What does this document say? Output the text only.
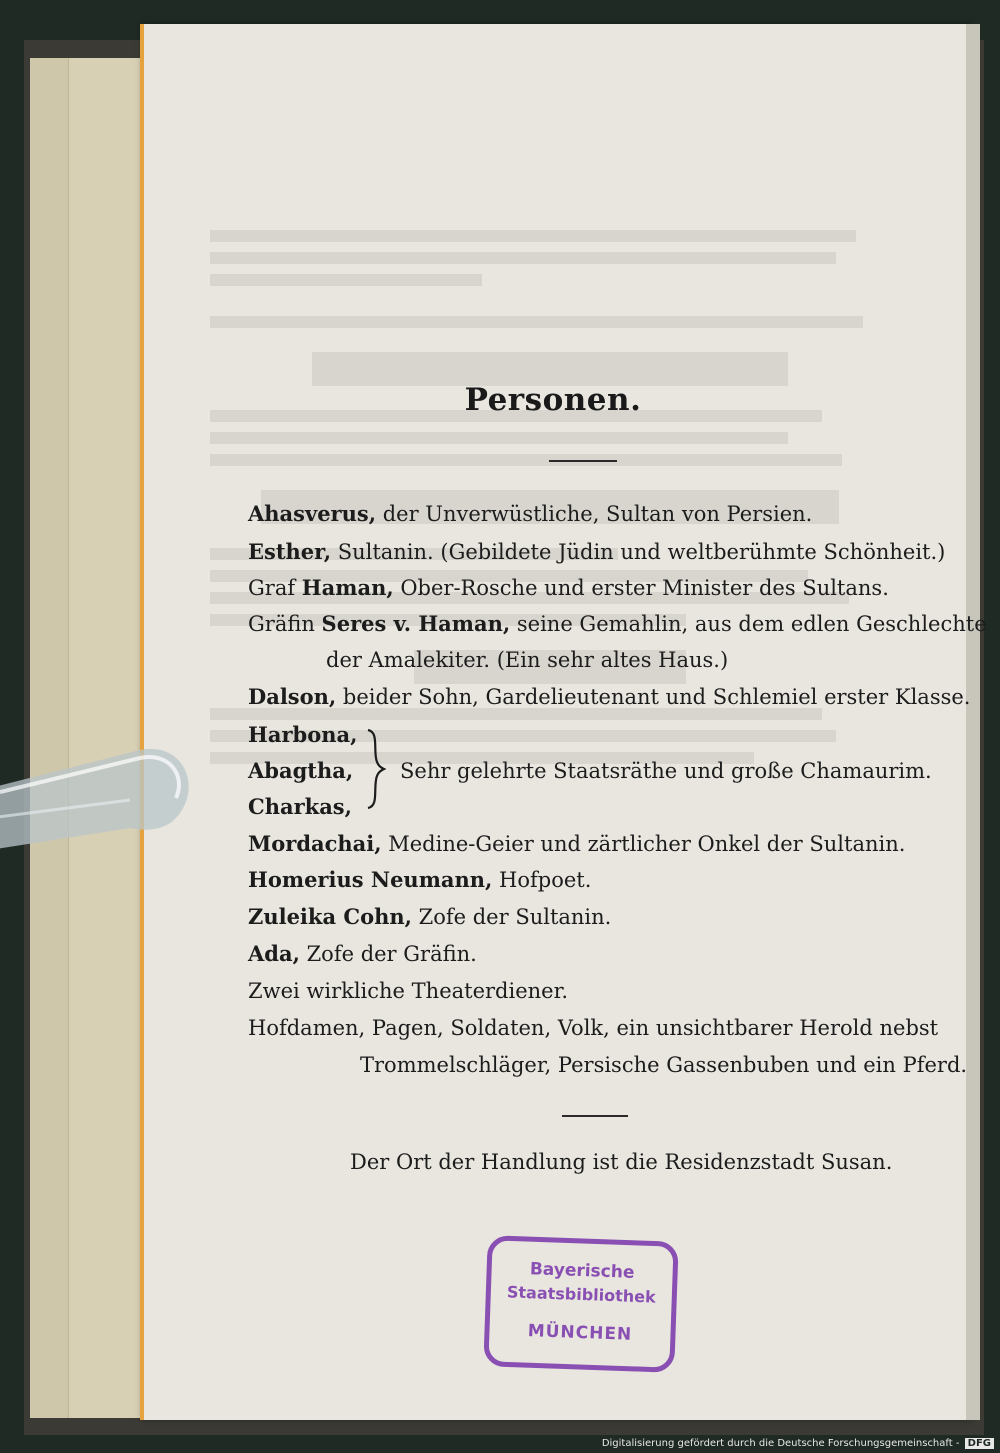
Personen.
Ahasverus, der Unverwüstliche, Sultan von Persien.
Esther, Sultanin. (Gebildete Jüdin und weltberühmte Schönheit.)
Graf Haman, Ober-Rosche und erster Minister des Sultans.
Gräfin Seres v. Haman, seine Gemahlin, aus dem edlen Geschlechte
der Amalekiter. (Ein sehr altes Haus.)
Dalson, beider Sohn, Gardelieutenant und Schlemiel erster Klasse.
Harbona,
Abagtha,
Charkas,
Sehr gelehrte Staatsräthe und große Chamaurim.
Mordachai, Medine-Geier und zärtlicher Onkel der Sultanin.
Homerius Neumann, Hofpoet.
Zuleika Cohn, Zofe der Sultanin.
Ada, Zofe der Gräfin.
Zwei wirkliche Theaterdiener.
Hofdamen, Pagen, Soldaten, Volk, ein unsichtbarer Herold nebst
Trommelschläger, Persische Gassenbuben und ein Pferd.
Der Ort der Handlung ist die Residenzstadt Susan.
Bayerische
Staatsbibliothek
MÜNCHEN
Digitalisierung gefördert durch die Deutsche Forschungsgemeinschaft - DFG
